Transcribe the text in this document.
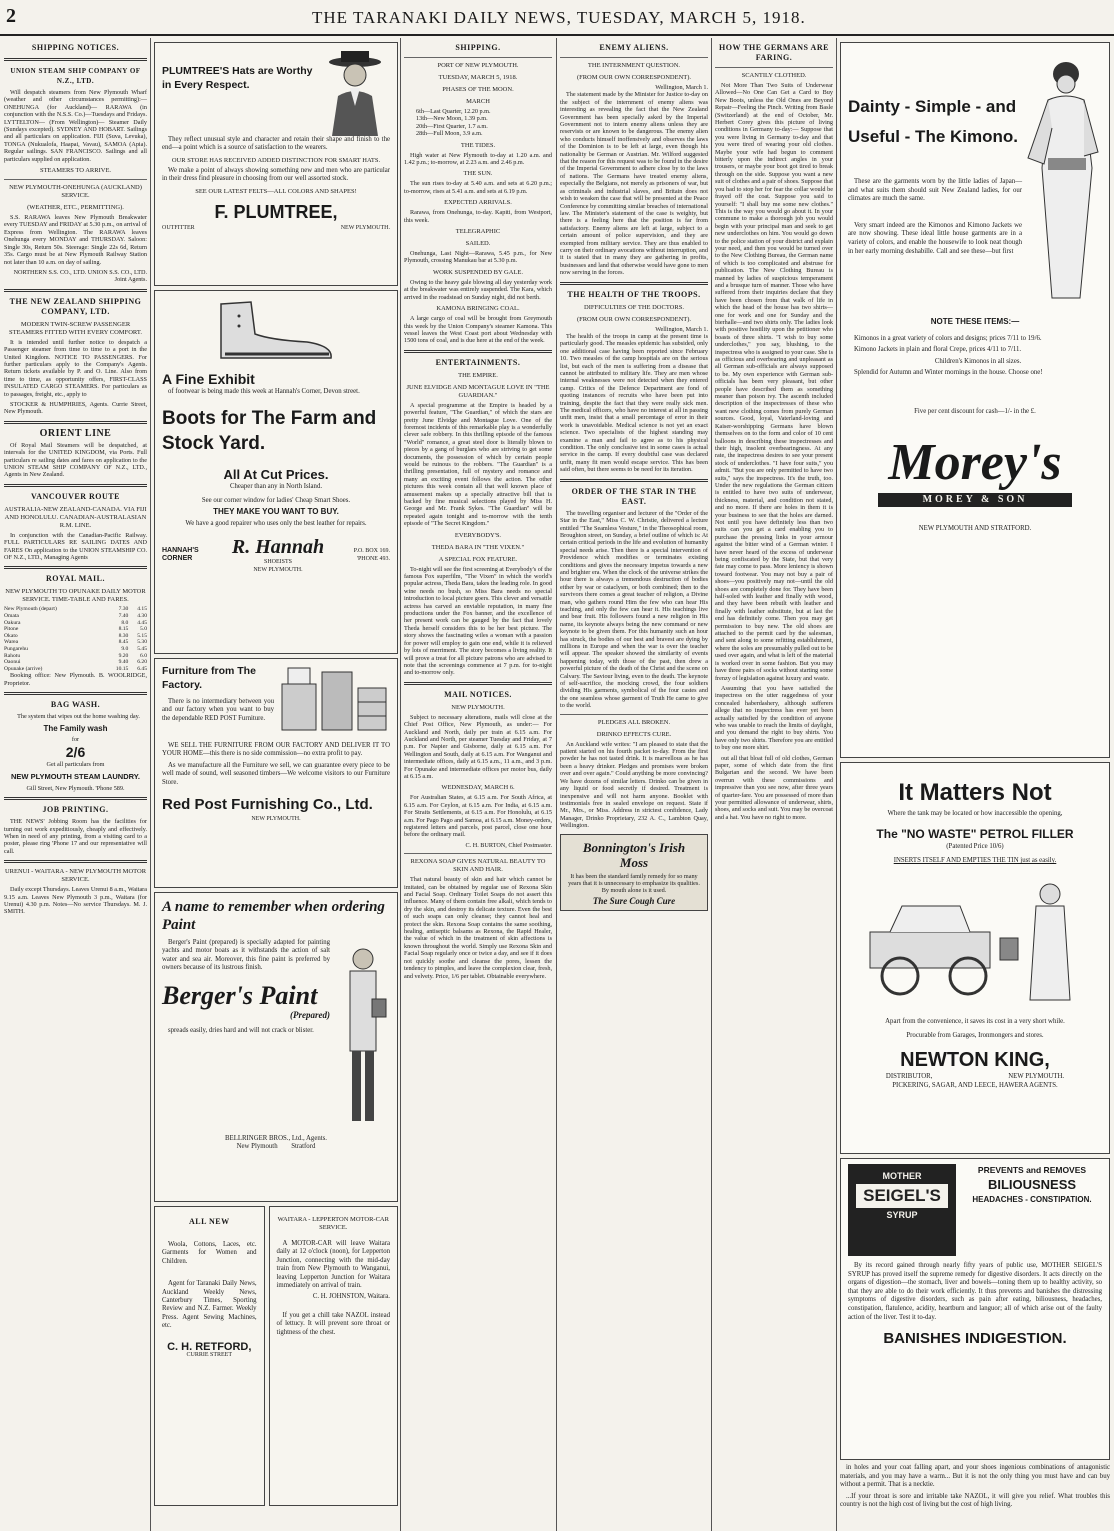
2	THE TARANAKI DAILY NEWS, TUESDAY, MARCH 5, 1918.
SHIPPING NOTICES.
UNION STEAM SHIP COMPANY OF N.Z., LTD.

Will despatch steamers from New Plymouth Wharf (weather and other circumstances permitting):— ONEHUNGA (for Auckland)— RARAWA (in conjunction with the N.S.S. Co.)—Tuesdays and Fridays. LYTTELTON— (From Wellington)— Steamer Daily (Sundays excepted). SYDNEY AND HOBART. Sailings and all particulars on application. FIJI (Suva, Levuka), TONGA (Nukualofa, Haapai, Vavau), SAMOA (Apia). Regular sailings. SAN FRANCISCO. Sailings and all particulars supplied on application.

STEAMERS TO ARRIVE.
NEW PLYMOUTH-ONEHUNGA (AUCKLAND) SERVICE.
(WEATHER, ETC., PERMITTING).

S.S. RARAWA leaves New Plymouth Breakwater every TUESDAY and FRIDAY at 5.30 p.m., on arrival of Express from Wellington. The RARAWA leaves Onehunga every MONDAY and THURSDAY. Saloon: Single 30s, Return 50s. Steerage: Single 22s 6d, Return 35s. Cargo must be at New Plymouth Railway Station not later than 10 a.m. on day of sailing.

NORTHERN S.S. CO., LTD. UNION S.S. CO., LTD. Joint Agents.

THE NEW ZEALAND SHIPPING COMPANY, LTD.
MODERN TWIN-SCREW PASSENGER STEAMERS FITTED WITH EVERY COMFORT.

It is intended until further notice to despatch a Passenger steamer from time to time to a port in the United Kingdom. NOTICE TO PASSENGERS. For further particulars apply to the Company's Agents. Return tickets available by P. and O. Line. Also from time to time, as opportunity offers, FIRST-CLASS INSULATED CARGO STEAMERS. For particulars as to passages, freight, etc., apply to

STOCKER & HUMPHRIES, Agents. Currie Street, New Plymouth.

ORIENT LINE

Of Royal Mail Steamers will be despatched, at intervals for the UNITED KINGDOM, via Ports. Full particulars re sailing dates and fares on application to the UNION STEAM SHIP COMPANY OF N.Z., LTD., Agents in New Zealand.

VANCOUVER ROUTE
AUSTRALIA-NEW ZEALAND-CANADA. VIA FIJI AND HONOLULU. CANADIAN-AUSTRALASIAN R.M. LINE.

In conjunction with the Canadian-Pacific Railway. FULL PARTICULARS RE SAILING DATES AND FARES On application to the UNION STEAMSHIP CO. OF N.Z., LTD., Managing Agents

ROYAL MAIL.
NEW PLYMOUTH TO OPUNAKE DAILY MOTOR SERVICE. TIME-TABLE AND FARES.
New Plymouth (depart)	7.30	4.15
Omata	7.40	4.30
Oakura	8.0	4.45
Pitone	8.15	5.0
Okato	8.30	5.15
Warea	8.45	5.30
Pungarehu	9.0	5.45
Rahotu	9.20	6.0
Oaonui	9.40	6.20
Opunake (arrive)	10.15	6.45

Booking office: New Plymouth. B. WOOLRIDGE, Proprietor.

BAG WASH.

The system that wipes out the home washing day.

The Family wash
for
2/6
Get all particulars from
NEW PLYMOUTH STEAM LAUNDRY.
Gill Street, New Plymouth. 'Phone 589.
JOB PRINTING.

THE NEWS' Jobbing Room has the facilities for turning out work expeditiously, cheaply and effectively. When in need of any printing, from a visiting card to a poster, please ring 'Phone 17 and our representative will call.

URENUI - WAITARA - NEW PLYMOUTH MOTOR SERVICE.

Daily except Thursdays. Leaves Urenui 8 a.m., Waitara 9.15 a.m. Leaves New Plymouth 3 p.m., Waitara (for Urenui) 4.30 p.m. Notes—No service Thursdays. M. J. SMITH.

PLUMTREE'S Hats are Worthy in Every Respect.

They reflect unusual style and character and retain their shape and finish to the end—a point which is a source of satisfaction to the wearers.

OUR STORE HAS RECEIVED ADDED DISTINCTION FOR SMART HATS.

We make a point of always showing something new and men who are particular in their dress find pleasure in choosing from our well assorted stock.

SEE OUR LATEST FELTS—ALL COLORS AND SHAPES!
F. PLUMTREE,
OUTFITTER	NEW PLYMOUTH.
A Fine Exhibit

of footwear is being made this week at Hannah's Corner, Devon street.

Boots for The Farm and Stock Yard.
All At Cut Prices.
Cheaper than any in North Island.
See our corner window for ladies' Cheap Smart Shoes.
THEY MAKE YOU WANT TO BUY.
We have a good repairer who uses only the best leather for repairs.
HANNAH'S CORNER
R. Hannah
SHOEISTS
NEW PLYMOUTH.
P.O. BOX 169. 'PHONE 493.
Furniture from The Factory.

There is no intermediary between you and our factory when you want to buy the dependable RED POST Furniture.

WE SELL THE FURNITURE FROM OUR FACTORY AND DELIVER IT TO YOUR HOME—this there is no side commission—no extra profit to pay.

As we manufacture all the Furniture we sell, we can guarantee every piece to be well made of sound, well seasoned timbers—We welcome visitors to our Furniture Store.

Red Post Furnishing Co., Ltd.
NEW PLYMOUTH.
A name to remember when ordering Paint

Berger's Paint (prepared) is specially adapted for painting yachts and motor boats as it withstands the action of salt water and sea air. Moreover, this fine paint is preferred by owners because of its lustrous finish.

Berger's Paint
(Prepared)

spreads easily, dries hard and will not crack or blister.

BELLRINGER BROS., Ltd., Agents.
New Plymouth        Stratford
ALL NEW

Woola, Cottons, Laces, etc. Garments for Women and Children.

Agent for Taranaki Daily News, Auckland Weekly News, Canterbury Times, Sporting Review and N.Z. Farmer. Weekly Press. Agent Sewing Machines, etc.

C. H. RETFORD,
CURRIE STREET
WAITARA - LEPPERTON MOTOR-CAR SERVICE.

A MOTOR-CAR will leave Waitara daily at 12 o'clock (noon), for Lepperton Junction, connecting with the mid-day train from New Plymouth to Wanganui, leaving Lepperton Junction for Waitara immediately on arrival of train.

C. H. JOHNSTON, Waitara.

If you get a chill take NAZOL instead of lettucy. It will prevent sore throat or tightness of the chest.

SHIPPING.
PORT OF NEW PLYMOUTH.
TUESDAY, MARCH 5, 1918.
PHASES OF THE MOON.
MARCH
6th—Last Quarter, 12.20 p.m.
13th—New Moon, 1.39 p.m.
20th—First Quarter, 1.7 a.m.
28th—Full Moon, 3.9 a.m.
THE TIDES.

High water at New Plymouth to-day at 1.20 a.m. and 1.42 p.m.; to-morrow, at 2.23 a.m. and 2.46 p.m.

THE SUN.

The sun rises to-day at 5.40 a.m. and sets at 6.20 p.m.; to-morrow, rises at 5.41 a.m. and sets at 6.19 p.m.

EXPECTED ARRIVALS.

Rarawa, from Onehunga, to-day. Kapiti, from Westport, this week.

TELEGRAPHIC
SAILED.

Onehunga, Last Night—Rarawa, 5.45 p.m., for New Plymouth, crossing Manukau bar at 5.30 p.m.

WORK SUSPENDED BY GALE.

Owing to the heavy gale blowing all day yesterday work at the breakwater was entirely suspended. The Kara, which arrived in the roadstead on Sunday night, did not berth.

KAMONA BRINGING COAL.

A large cargo of coal will be brought from Greymouth this week by the Union Company's steamer Kamona. This vessel leaves the West Coast port about Wednesday with 1500 tons of coal, and is due here at the end of the week.

ENTERTAINMENTS.
THE EMPIRE.
JUNE ELVIDGE AND MONTAGUE LOVE IN "THE GUARDIAN."

A special programme at the Empire is headed by a powerful feature, "The Guardian," of which the stars are pretty June Elvidge and Montague Love. One of the foremost incidents of this remarkable play is a wonderfully clever safe robbery. In this thrilling episode of the famous "World" romance, a great steel door is literally blown to pieces by a gang of burglars who are striving to get some documents, the possession of which by certain people would be ruinous to the robbers. "The Guardian" is a thrilling presentation, full of mystery and romance and many an exciting event follows the action. The other pictures this week contain all that well known place of amusement makes up a specially attractive bill that is backed by fine musical selections played by Miss H. George and Mr. Frank Sykes. "The Guardian" will be repeated again tonight and to-morrow with the tenth episode of "The Secret Kingdom."

EVERYBODY'S.
THEDA BARA IN "THE VIXEN."
A SPECIAL FOX FEATURE.

To-night will see the first screening at Everybody's of the famous Fox superfilm, "The Vixen" in which the world's popular actress, Theda Bara, takes the leading role. In good wine needs no bush, so Miss Bara needs no special introduction to local picture goers. This clever and versatile actress has carved an enviable reputation, in many fine productions under the Fox banner, and the excellence of her present work can be gauged by the fact that lovely Theda herself considers this to be her best picture. The story shows the fascinating wiles a woman with a passion for power will employ to gain one end, while it is relieved by lots of merriment. The story becomes a living reality. It will prove a treat for all picture patrons who are advised to note that the screenings commence at 7 p.m. for to-night and to-morrow only.

MAIL NOTICES.
NEW PLYMOUTH.

Subject to necessary alterations, mails will close at the Chief Post Office, New Plymouth, as under:— For Auckland and North, daily per train at 6.15 a.m. For Auckland and North, per steamer Tuesday and Friday, at 7 p.m. For Napier and Gisborne, daily at 6.15 a.m. For Wellington and South, daily at 6.15 a.m. For Wanganui and intermediate offices, daily at 6.15 a.m., 11 a.m., and 3 p.m. For Opunake and intermediate offices per motor bus, daily at 6.15 a.m.

WEDNESDAY, MARCH 6.

For Australian States, at 6.15 a.m. For South Africa, at 6.15 a.m. For Ceylon, at 6.15 a.m. For India, at 6.15 a.m. For Straits Settlements, at 6.15 a.m. For Honolulu, at 6.15 a.m. For Pago Pago and Samoa, at 6.15 a.m. Money-orders, registered letters and parcels, post parcel, close one hour before the ordinary mail.

C. H. BURTON, Chief Postmaster.

REXONA SOAP GIVES NATURAL BEAUTY TO SKIN AND HAIR.

That natural beauty of skin and hair which cannot be imitated, can be obtained by regular use of Rexona Skin and Facial Soap. Ordinary Toilet Soaps do not assert this influence. Many of them contain free alkali, which tends to dry the skin, and destroy its delicate texture. Even the best of such soaps can only cleanse; they cannot heal and protect the skin. Rexona Soap contains the same soothing, healing, antiseptic balsams as Rexona, the Rapid Healer, the value of which in the treatment of skin affections is known throughout the world. Simply use Rexona Skin and Facial Soap regularly once or twice a day, and see if it does not quickly soothe and cleanse the pores, lessen the tendency to pimples, and leave the complexion clear, fresh, and velvety. Price, 1/6 per tablet. Obtainable everywhere.

ENEMY ALIENS.
THE INTERNMENT QUESTION.
(FROM OUR OWN CORRESPONDENT).
Wellington, March 1.

The statement made by the Minister for Justice to-day on the subject of the internment of enemy aliens was interesting as revealing the fact that the New Zealand Government has been specially asked by the Imperial Government not to intern enemy aliens unless they are reservists or are known to be dangerous. The enemy alien who conducts himself inoffensively and observes the laws of the Dominion is to be left at large, even though his nationality be German or Austrian. Mr. Wilford suggested that the reason for this request was to be found in the desire of the Imperial Government to adhere close by to the laws of nations. The Germans have treated enemy aliens, especially the Belgians, not merely as prisoners of war, but as criminals and industrial slaves, and Britain does not wish to weaken the case that will be presented at the Peace Conference by committing similar breaches of international law. The Minister's statement of the case is weighty, but there is a feeling here that the position is far from satisfactory. Enemy aliens are left at large, subject to a certain amount of police supervision, and they are exempted from military service. They are thus enabled to carry on their ordinary avocations without interruption, and it is stated that in many they are gathering in profits, businesses and land that otherwise would have gone to men now serving in the forces.

THE HEALTH OF THE TROOPS.
DIFFICULTIES OF THE DOCTORS.
(FROM OUR OWN CORRESPONDENT).
Wellington, March 1.

The health of the troops in camp at the present time is particularly good. The measles epidemic has subsided, only one additional case having been reported since February 10. Two measles of the camp hospitals are on the serious list, but each of the men is suffering from a disease that cannot be attributed to military life. They are men whose internal weaknesses were not detected when they entered camp. Critics of the Defence Department are fond of quoting instances of recruits who have been put into training, despite the fact that they were really sick men. The medical officers, who have no interest at all in passing unfit men, insist that a small percentage of error in their work is unavoidable. Medical science is not yet an exact science. Two specialists of the highest standing may examine a man and fail to agree as to his physical condition. The only conclusive test in some cases is actual service in the camp. If every doubtful case was declared unfit, many fit men would escape service. This has been said often, but there seems to be need for its iteration.

ORDER OF THE STAR IN THE EAST.

The travelling organiser and lecturer of the "Order of the Star in the East," Miss C. W. Christie, delivered a lecture entitled "The Seamless Vesture," in the Theosophical room, Broughton street, on Sunday, a brief outline of which is: At certain critical periods in the life and evolution of humanity special needs arise. Then there is a special intervention of Providence which modifies or terminates existing conditions and gives the necessary impetus towards a new and brighter era. When the clock of the universe strikes the hour there is always a tremendous destruction of bodies either by war or cataclysm, or both combined; then to the survivors there comes a great teacher of religion, a Divine man, who gathers round Him the few who can hear His teaching, and only the few can hear it. His teachings live and bear fruit. His followers found a new religion in His name, its keynote always being the new command or new keynote to be given them. For this humanity such an hour has struck, the bodies of our best and bravest are dying by millions in Europe and when the war is over the teacher will appear. The speaker showed the similarity of events happening today, with those of the past, then drew a powerful picture of the death of the Christ and the scene on Calvary. The Saviour living, even to the death. The keynote of self-sacrifice, the mocking crowd, the four soldiers dividing His garments, symbolical of the four castes and the one seamless whose garment of Truth He came to give to the world.

PLEDGES ALL BROKEN.
DRINKO EFFECTS CURE.

An Auckland wife writes: "I am pleased to state that the patient started on his fourth packet to-day. From the first powder he has not tasted drink. It is marvellous as he has been a heavy drinker. Pledges and promises were broken over and over again." Could anything be more convincing? We have dozens of similar letters. Drinko can be given in any liquid or food secretly if desired. Treatment is inexpensive and will not harm anyone. Booklet with testimonials free in sealed envelope on request. State if Mr., Mrs., or Miss. Address in strictest confidence, Lady Manager, Drinko Proprietary, 232 A. C., Lambton Quay, Wellington.

Bonnington's Irish Moss

It has been the standard family remedy for so many years that it is unnecessary to emphasize its qualities. By mouth alone is it used.

The Sure Cough Cure
HOW THE GERMANS ARE FARING.
SCANTILY CLOTHED.

Not More Than Two Suits of Underwear Allowed—No One Can Get a Card to Buy New Boots, unless the Old Ones are Beyond Repair—Feeling the Pinch. Writing from Basle (Switzerland) at the end of October, Mr. Herbert Corey gives this picture of living conditions in Germany to-day:— Suppose that you were living in Germany to-day and that you were tired of wearing your old clothes. Maybe your wife had begun to comment bitterly upon the indirect angles in your trousers, or maybe your boot got tired to break through on the side. Suppose you want a new suit of clothes and a pair of shoes. Suppose that you had to stop her for fear the collar would be frayed off the coat. Suppose you said to yourself: "I shall buy me some new clothes." This is the way you would go about it. In your commune to make a thorough job you would begin with your principal man and seek to get new underclothes on him. You would go down to the police station of your district and explain your need, and then you would be turned over to the New Clothing Bureau, the German name of which is too complicated and abstruse for publication. The New Clothing Bureau is manned by ladies of suspicious temperament and a brusque turn of manner. Those who have suffered from their inquiries declare that they have been chosen from that walk of life in which the head of the house has two shirts—one for work and one for Sunday and the bierhalle—and two shirts only. The ladies look with positive hostility upon the petitioner who boasts of three shirts. "I wish to buy some underclothes," you say, blushing, to the inspectress who is assigned to your case. She is as officious and overbearing and unpleasant as all German sub-officials are always supposed to be. My own experience with German sub-officials has been very pleasant, but other people have described them as something meaner than poison ivy. The ascenth included description of the inspectresses of these who want new clothing comes from purely German sources. Good, loyal, Vaterland-loving and Kaiser-worshipping Germans have blown themselves on to the form and color of 10 cent balloons in describing these inspectresses and their high, insolent overbearingness. At any rate, the inspectress desires to see your present stock of underclothes. "I have four suits," you admit. "But you are only permitted to have two suits," says the inspectress. It's the truth, too. Under the new regulations the German citizen is entitled to have two suits of underwear, thickness, material, and condition not stated, and no more. If there are holes in them it is your business to see that the holes are darned. Not until you have definitely less than two suits can you get a card enabling you to purchase the pressing links in your armour against the bitter wind of a German winter. I have never heard of the excess of underwear being confiscated by the State, but that very fate may come to pass. More leniency is shown toward footwear. You may not buy a pair of shoes—you positively may not—until the old shoes are completely done for. They have been half-soled with leather and finally with wood, and they have been rebuilt with leather and finally with leather substitute, but at last the end has definitely come. Then you may get permission to buy new. The old shoes are attached to the permit card by the salesman, and sent along to some refitting establishment, where the soles are presumably pulled out to be used over again, and what is left of the material is worked over in some fashion. But you may have three pairs of socks without starting some frenzy of legislation against luxury and waste.

Assuming that you have satisfied the inspectress on the utter raggedness of your concealed haberdashery, although sufferers allege that no inspectress has ever yet been actually satisfied by the condition of anyone who was unable to reach the limits of daylight, and you demand the right to buy shirts. You have only two shirts. Therefore you are entitled to buy one more shirt.

out all that bloat full of old clothes, German paper, some of which date from the first Bulgarian and the second. We have been overrun with these commissions and impressive than you see now, after three years of quarter-fare. You are possessed of more than your permitted allowance of underwear, shirts, shoes, and socks and suit. You may be overcoat and a hat. You have no right to more.

Dainty - Simple - and
Useful - The Kimono.

These are the garments worn by the little ladies of Japan—and what suits them should suit New Zealand ladies, for our climates are much the same.

Very smart indeed are the Kimonos and Kimono Jackets we are now showing. These ideal little house garments are in a variety of colors, and enable the housewife to look neat though in her early morning deshabille. Call and see these—but first

NOTE THESE ITEMS:—

Kimonos in a great variety of colors and designs; prices 7/11 to 19/6.

Kimono Jackets in plain and floral Crepe, prices 4/11 to 7/11.

Children's Kimonos in all sizes.

Splendid for Autumn and Winter mornings in the house. Choose one!

Five per cent discount for cash—1/- in the £.
Morey's
MOREY & SON
NEW PLYMOUTH AND STRATFORD.
It Matters Not
Where the tank may be located or how inaccessible the opening,
The "NO WASTE" PETROL FILLER
(Patented Price 10/6)
INSERTS ITSELF AND EMPTIES THE TIN just as easily.
Apart from the convenience, it saves its cost in a very short while.
Procurable from Garages, Ironmongers and stores.
NEWTON KING,
DISTRIBUTOR,	NEW PLYMOUTH.
PICKERING, SAGAR, AND LEECE, HAWERA AGENTS.
MOTHER
SEIGEL'S
SYRUP
PREVENTS and REMOVES
BILIOUSNESS
HEADACHES - CONSTIPATION.

By its record gained through nearly fifty years of public use, MOTHER SEIGEL'S SYRUP has proved itself the supreme remedy for digestive disorders. It acts directly on the organs of digestion—the stomach, liver and bowels—toning them up to healthy activity, so that they are able to do their work efficiently. It thus prevents and banishes the distressing symptoms of digestive disorders, such as pain after eating, biliousness, headaches, constipation, flatulence, acidity, heartburn and languor; all of which arise out of the faulty action of the liver. Test it to-day.

BANISHES INDIGESTION.

in holes and your coat falling apart, and your shoes ingenious combinations of antagonistic materials, and you may have a warm... But it is not the only thing you must have and can buy without a permit. That is a necktie.

...If your throat is sore and irritable take NAZOL, it will give you relief. What troubles this country is not the high cost of living but the cost of high living.
